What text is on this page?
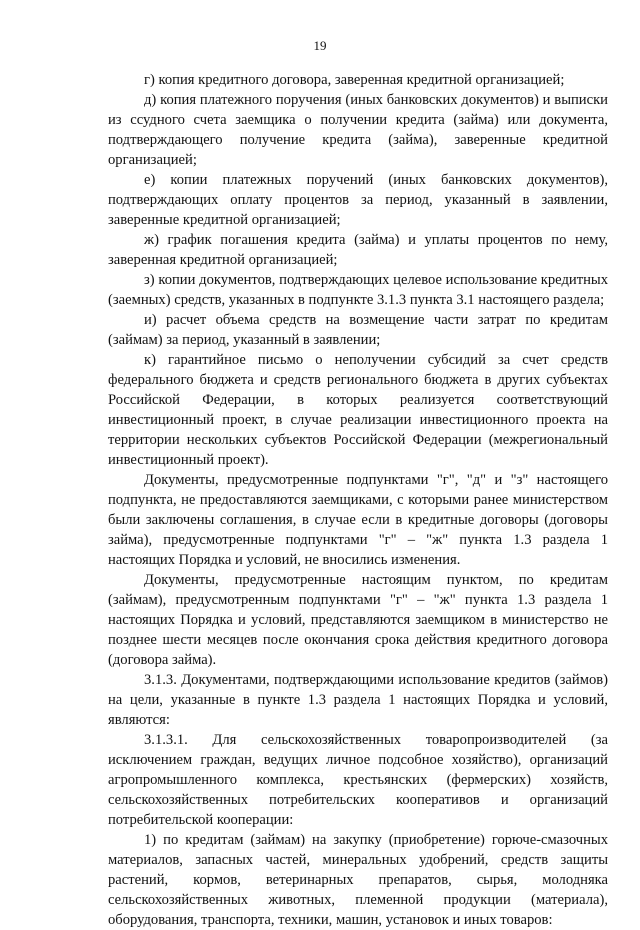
19

г) копия кредитного договора, заверенная кредитной организацией;

д) копия платежного поручения (иных банковских документов) и выписки из ссудного счета заемщика о получении кредита (займа) или документа, подтверждающего получение кредита (займа), заверенные кредитной организацией;

е) копии платежных поручений (иных банковских документов), подтверждающих оплату процентов за период, указанный в заявлении, заверенные кредитной организацией;

ж) график погашения кредита (займа) и уплаты процентов по нему, заверенная кредитной организацией;

з) копии документов, подтверждающих целевое использование кредитных (заемных) средств, указанных в подпункте 3.1.3 пункта 3.1 настоящего раздела;

и) расчет объема средств на возмещение части затрат по кредитам (займам) за период, указанный в заявлении;

к) гарантийное письмо о неполучении субсидий за счет средств федерального бюджета и средств регионального бюджета в других субъектах Российской Федерации, в которых реализуется соответствующий инвестиционный проект, в случае реализации инвестиционного проекта на территории нескольких субъектов Российской Федерации (межрегиональный инвестиционный проект).

Документы, предусмотренные подпунктами "г", "д" и "з" настоящего подпункта, не предоставляются заемщиками, с которыми ранее министерством были заключены соглашения, в случае если в кредитные договоры (договоры займа), предусмотренные подпунктами "г" – "ж" пункта 1.3 раздела 1 настоящих Порядка и условий, не вносились изменения.

Документы, предусмотренные настоящим пунктом, по кредитам (займам), предусмотренным подпунктами "г" – "ж" пункта 1.3 раздела 1 настоящих Порядка и условий, представляются заемщиком в министерство не позднее шести месяцев после окончания срока действия кредитного договора (договора займа).

3.1.3. Документами, подтверждающими использование кредитов (займов) на цели, указанные в пункте 1.3 раздела 1 настоящих Порядка и условий, являются:

3.1.3.1. Для сельскохозяйственных товаропроизводителей (за исключением граждан, ведущих личное подсобное хозяйство), организаций агропромышленного комплекса, крестьянских (фермерских) хозяйств, сельскохозяйственных потребительских кооперативов и организаций потребительской кооперации:

1) по кредитам (займам) на закупку (приобретение) горюче-смазочных материалов, запасных частей, минеральных удобрений, средств защиты растений, кормов, ветеринарных препаратов, сырья, молодняка сельскохозяйственных животных, племенной продукции (материала), оборудования, транспорта, техники, машин, установок и иных товаров:
